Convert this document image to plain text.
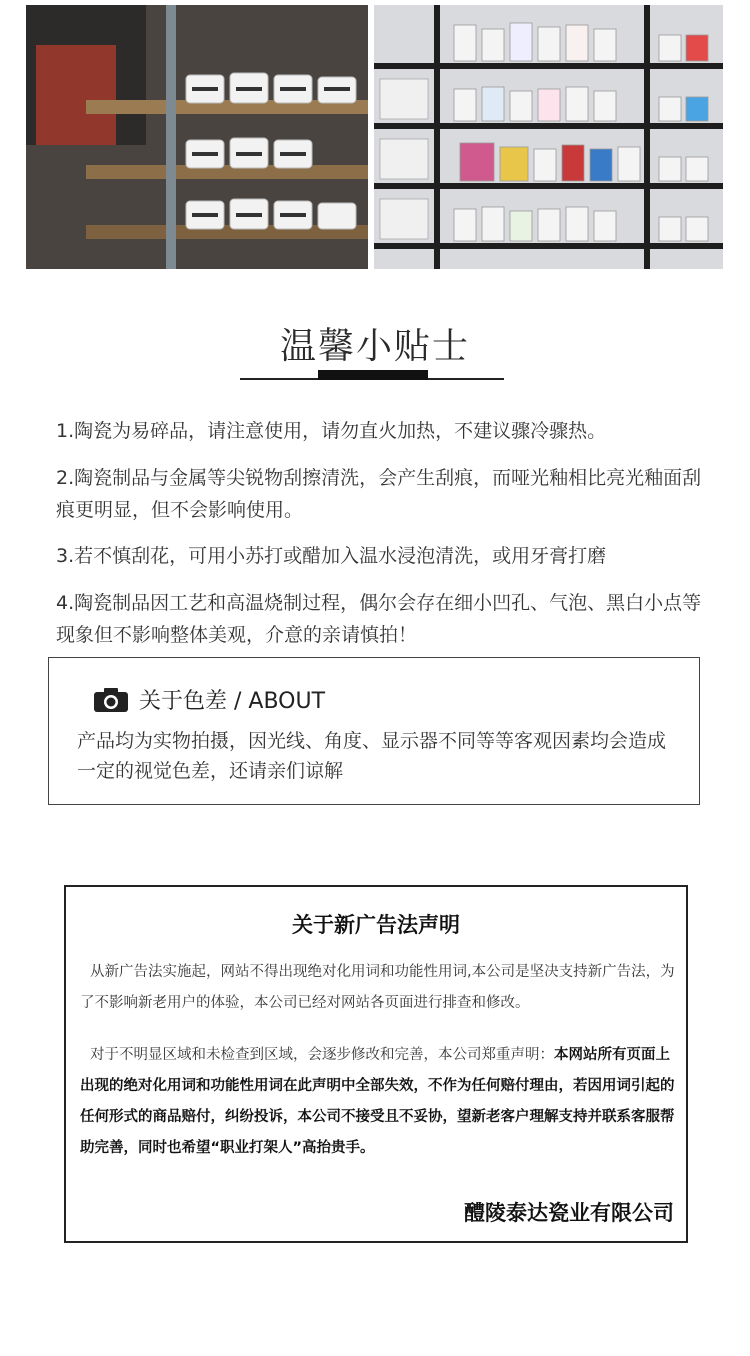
温馨小贴士
1.陶瓷为易碎品，请注意使用，请勿直火加热，不建议骤冷骤热。
2.陶瓷制品与金属等尖锐物刮擦清洗，会产生刮痕，而哑光釉相比亮光釉面刮痕更明显，但不会影响使用。
3.若不慎刮花，可用小苏打或醋加入温水浸泡清洗，或用牙膏打磨
4.陶瓷制品因工艺和高温烧制过程，偶尔会存在细小凹孔、气泡、黑白小点等现象但不影响整体美观，介意的亲请慎拍！
关于色差 / ABOUT
产品均为实物拍摄，因光线、角度、显示器不同等等客观因素均会造成一定的视觉色差，还请亲们谅解
关于新广告法声明
从新广告法实施起，网站不得出现绝对化用词和功能性用词,本公司是坚决支持新广告法，为了不影响新老用户的体验，本公司已经对网站各页面进行排查和修改。
对于不明显区域和未检查到区域，会逐步修改和完善，本公司郑重声明：本网站所有页面上出现的绝对化用词和功能性用词在此声明中全部失效，不作为任何赔付理由，若因用词引起的任何形式的商品赔付，纠纷投诉，本公司不接受且不妥协，望新老客户理解支持并联系客服帮助完善，同时也希望“职业打架人”高抬贵手。
醴陵泰达瓷业有限公司
